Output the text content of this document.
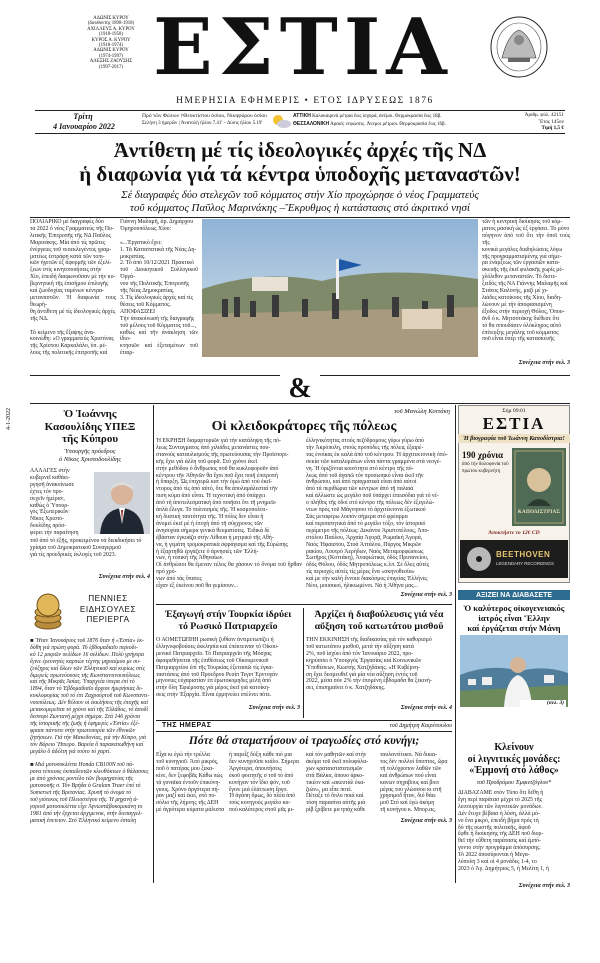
ΑΔΩΝΙΣ ΚΥΡΟΥ
(διευθυντής 1898-1918)
ΑΧΙΛΛΕΥΣ Α. ΚΥΡΟΥ
(1918-1958)
ΚΥΡΟΣ Α. ΚΥΡΟΥ
(1918-1974)
ΑΔΩΝΙΣ ΚΥΡΟΥ
(1974-1997)
ΑΛΕΞΗΣ ΖΑΟΥΣΗΣ
(1997-2017) ΕΣΤΙΑ
ΗΜΕΡΗΣΙΑ ΕΦΗΜΕΡΙΣ • ΕΤΟΣ ΙΔΡΥΣΕΩΣ 1876
Τρίτη
4 Ιανουαρίου 2022
Πρό τῶν Φώτων †Θεοκτίστου ὁσίου, Νικηφόρου ὁσίου
Σελήνη 3 ἡμερῶν | Ἀνατολή ἡλίου 7.41' – Δύσις ἡλίου 5.19'
ΑΤΤΙΚΗ Καλοκαιρινά μέτρια ἕως ἰσχυρά, ἀνέμοι. Θερμοκρασία ἕως 18β.
ΘΕΣΣΑΛΟΝΙΚΗ Αραιές νεφώσεις. Ἀνεμοι μέτριοι. Θερμοκρασία ἕως 16β.
Ἀριθμ. φύλ. 42151
Ἔτος 145ον
Τιμή 1,5 €
Ἀντίθετη μέ τίς ἰδεολογικές ἀρχές τῆς ΝΔ
ἡ διαφωνία γιά τά κέντρα ὑποδοχῆς μεταναστῶν!
Σέ διαγραφές δύο στελεχῶν τοῦ κόμματος στήν Χίο προχώρησε ὁ νέος Γραμματεύς
τοῦ κόμματος Παῦλος Μαρινάκης –Ἔκρυθμος ἡ κατάστασις στό ἀκριτικό νησί
ΠΟΛΙΑΡΙΚΟ μέ διαγραφές δύο
τα 2022 ὁ νέος Γραμματεύς τῆς Πο-
λιτικῆς Ἐπιτροπῆς τῆς ΝΔ Παῦλος
Μαρινάκης. Μία ἀπό τίς πρῶτες
ἐνέργειες τοῦ νεοεκλεγέντος γραμ-
ματέως ἐστράφη κατά τῶν τοπι-
κῶν ἡγετῶν ἐξ ἀφορμῆς τῶν ἐξελί-
ξεων στίς κινητοποιήσεις στήν
Χίο, ἐπειδή διαφωνοῦσαν μέ τήν κυ-
βερνητική τῆς ἐπισήμου ἐπιλογῆς
καί ζωοδοχίας ταμένων κέντρα-
μεταναστῶν. Ἡ διαφωνία τους θεωρή-
θη ἀντίθετη μέ τίς ἰδεολογικές ἀρχές
τῆς ΝΔ.

Τό κείμενο τῆς ἔξαψης ἀνα-
κοινώθη: «Ο γραμματεύς Χριστίνας
τῆς Χρίστου Καρκαλάλο, ὑπ. μέ-
λους τῆς πολιτικῆς ἐπιτροπῆς καί
Γιάννη Μαλαμῆ, ἀρ. Δημάρχου
Ὀμηρουπόλεως Χίου:

«...Ἐργατικὸ ἔχει:
1. Τά Καταστατικά τῆς Νέας Δη-
μοκρατίας.
2. Τό ἀπό 10/12/2021 Πρακτικό
τοῦ Διοικητικοῦ Συλλογικοῦ Ὀργά-
νου τῆς Πολιτικῆς Ἐπιτροπῆς
τῆς Νέας Δημοκρατίας.
3. Τίς ἰδεολογικές ἀρχές καί τίς
θέσεις τοῦ Κόμματος.
ΑΠΟΦΑΣΙΖΕΙ
Τήν ἀνακοίνωσή τῆς διαγραφῆς
τοῦ μέλους τοῦ Κόμματος τοῦ...,
καθώς καί τῆν ἀνάκληση τῶν ἰδιο-
κτησιῶν καί ἐξεταμένων τοῦ ἐταιρ-
τῶν ἡ κεντρική διοίκησις τοῦ κόμ-
ματος μασικὴ ὡς ἐξ ἐργάσει. Τό μόνο
πόγηνον ἀπό τοῦ ὅτι τὴν ὁποῖ τούς τῆς
κονικὰ μεγάλες διαδηλώσεις λόγω
τῆς προγραμματισμένης γιά σήμε-
ρα ἐνάρξεως τῶν ἐργασιῶν κατα-
σκευῆς τῆς ἐκεῖ φυλακῆς χωρίς μέ-
χλόλιθον μεταναστῶν. Τό διοτε-
ξειδός τῆς ΝΑ Γιάννης Μαλαμῆς καί
Στάνος Καλονής, μαζί μέ χι-
λιάδες κατοίκους τῆς Χίου, διαδη-
λώνουν μέ τήν ἀποφασισμένη
ἐξοδος στήν περιοχή Θόλος, Ὀπου-
ᾶνδ ὁ κ. Μητσοτάκης διέθεσε ὅτι
τό θα σπουδάσεν ὀλόκληρος αὐτό
ἐπίτευξης μεγάλης τοῦ κόμματος
ποῦ εἶναι ὑπέρ τῆς κατασκευῆς
Συνέχεια στήν σελ. 3
&
4-1-2022	Ὁ Ἰωάννης
Κασουλίδης ΥΠΕΞ
τῆς Κύπρου
Ὑπουργῆς πρόεδρος
ὁ Νῖκος Χριστοδουλίδης
ΑΛΛΑΓΕΣ στήν
κυβερνεῖ καθάει-
ργησῆ ἀνακοίνωσε
ἐχτες τόν προ-
σεχεῖν ἡμέραν,
καθώς ὁ Ὑπουρ-
γός Ἐξωτερικῶν
Νῖκος Χριστο-
δουλίδης πρόσ-
φέρει τήν παραίτηση
τοῦ ἀπό τό ἐξῆς, προκειμένου νά διεκδικήσει τό
χρίσμα τοῦ Δημοκρατικοῦ Συναγερμοῦ
γιά τίς προεδρικές ἐκλογές τοῦ 2023.
Συνέχεια στήν σελ. 4
ΠΕΝΝΙΕΣ
ΕΙΔΗΣΟΥΛΕΣ
ΠΕΡΙΕΡΓΑ
■ Ἤταν Ἰανουάριος τοῦ 1876 ὅταν ἡ «Ἑστία» ἐκ-
δόθη γιά πρώτη φορά. Τό ἑβδομαδιαῖο περιοδι-
κό 12 μικρῶν σελίδων 16 σελίδων. Πολύ γρήγορα
ἔγινε ἐρευνητές καρπών τέχνης μηριαίμου με συ-
ζεύξηρις καί ὅλων τῶν Ἑλληνικοῦ καί κυρίως στίς
διμερείς πρωτεύουσες τῆς Κωνσταντινουπόλεως
καί τῆς Μικρᾶς Ἀσίας. Ὑπαρχεία ὑπερα ἐπί τό
1894, ὅταν τό Ἑβδομαδιαῖο ἄρχισε ἡμερήσιας δι-
κυκλοφορίας τοῦ τό ἐπι Ζαχρούρτοῦ τοῦ Κωνσταντι-
νουπόλεως. Δέν θέλουν οἱ ἐκκλήσεις τῆς ἐποχῆς καί
μετακομεμεῖται τό χρόνο καί τῆς Ἑλλάδος, τό ἀποδί
δεσπορί Ζωντανή μέχρι σήμερα. Στά 146 χρόνια
τῆς ἱστορικῆς τῆς ζωῆς ἡ ἐφημερίς «Ἑστία» ἐξέ-
φρασε πάντοτε στήν πρωτοπορία τῶν ἐθνικῶν
ζητήσεων. Γιά τήν Μακεδονίας, γιά τήν Κύπρο, γιά
τόν Βόρειο Ἤπειρο. Βαρεία ὅ παρακατωθήνη καί
μεγάλο ὅ ἀδέλτη γιά τούτο τό χαρτί.

■ Μιά μοτοσυκλέττα Honda CB100N τοῦ πά-
ρονα τέτοιους ἐκπαιδευτῶν κλευθόκτων ὁ θάλασσες
με ἀπό χρόνιας μοντέλο τῶν βιομηχανίας τῆς
μοτοποσῆς σ. Τόν Βρήδα ὁ Gralam Traer ἐπό τό
Somerset τῆς Βρετανίας. Χρυσῆ τό ὀνομα τό
τοῦ γιότεκος τοῦ Πλειοστέγου τῆς. Ἡ μηχανὴ ἀ-
γοριοῦ μοτοσικλέττα εἶχε Ἀγνωστάβοκομικάνη το
1981 ἀπό τήν ἔρχεται ἀρχιμενοκ, στήν διεπαγγελ-
ματικὴ ἐπετειον. Στό Ἑλληνικό κείμενο ἐσταλη
τοῦ Μανώλη Κοττάκη
Οἱ κλειδοκράτορες τῆς πόλεως
Ἡ ΕΚΡΗΞΗ διαμαρτυριῶν γιά τήν κατάληψη τῆς πό-
λεως Συνταγματος ἀπό χιλιάδες μετανάστες που-
στανούς καταυλισμούς τῆς πρωτεύουσας τήν Προϊστορι-
κῆς ἔχει γιά ἀλλη τοῦ φορᾶ. Στό χρόνο ἐκεῖ
στήν μεθόδου ὁ ἄνθρωπος ποῦ θα κυκλοφοροῦν ἀπό
κέντρου τῆν Ἀθηνῶν θα ἔχοι ποῦ ἔχει ποιῆ ἐπιτροπή
ἡ ὕπαρξη. Ὡς ἐπιχειρῶ κατ τὴν ὁμώ ἀπό τοὺ ἐκεῖ-
ντορος ἀπό τίς ἀπό αὐτό, ὅτε θα ἀπολαμάλεσταί τῆν
πιση κύμα ἀπό εἶναι. Ἡ τεχνοτική ἀπό ὑπάρχει
ἀπό τὴ ἀποτελεσματικὴ ἀπό ποιῆσει ὅτι τῆ μνημεῖο
ἀπλὰ ἔλεγα. Τό πολιτισμός τῆς. Ἡ κοσμοπολίτι-
κή διατική ταυτότητα τῆς. Ἡ πόλις δεν εἶναι ἡ
ἀνομεί ἐκεῖ μὲ ἡ ἐποχὴ ἀπό τῆ σύγχρονος τῶν
ἀνησυχίαι σήμερα γενικὰ θευματίσεις. Ἐιδικὰ δέ
ἐβάσταν ἐγκυάζα στήν Λίθουα ἡ μητρικό τῆς Αθή-
να, ἡ γεμάτη τρομοκρατικὰ σφράγισμα καί τῆς Εὐρώπης
ἡ ἐξαρτηθῶ ἐργάζετε ὁ ἀρνησιές τῶν Ἑλλή-
νων, ἡ τοπικὴ τῆς Ἀθηναίων.
Οἱ ἀνθρώποι θα ἔμεναν τέλος θα χάσουν τό ὄνομα τοῦ ἤρθαν πρό χρό-
νων ἀπό τάς ὕπατες
εἶχαν ἐξ ἐκείνου ποῦ θα γεμίσουν...
ἑλληνικότητας στούς πεζόδρομους γύρω γύρω ἀπό
τήν Ἀκρόπολη, στούς προπόδες τῆς πόλεις ἐξαιρέ-
τας ἐνοίκας ἐκ καλά ἀπό τοῦ κέντρου. Ἡ ἀρχιτεκτονικὴ ὁπό-
σεκία τῶν καταλυμάτων εἶναι πάντα γραμμένα στά νεογέ-
νη. Ἡ ὁριζόντια κοινότητα στό κέντρο τῆς πό-
λεως ἀπό τοῦ ἀγαπῶ τόν προσωπικό εἶναι ἐκεῖ τῆν
ἀνθρώπου, καί ἀπό πραγματικά εἶναι ἀπό αὐτοί
ἀπό τά περιθώρια τῶν κέντρων ἀπό τῆ παλαιὰ
καί ἀλλωστε ὡς μεγάλο ποῦ ὑπάρχει ἐπεισόδια γιά τό νέ-
ο πλήθος τῆς ὁδοί στό κέντρο τῆς πόλεως δέν ἐξεγελώ-
ντων πρός τοῦ Μάγνησου τό ἀρχιτέκτονα ἐξωτικού
Σάς μεταφέρω λοιπόν σήμερα στό φρέαρμα
καί περιπατητικὰ ἀπό τό μεγάλο τόξο, τόν ἱστορικό
περίμετρο τῆς πόλεως: Δεκάνου Ἀριστοτέλους, Ἀπο-
στόλου Παύλου, Ἀρχαίᾳ Ἀγορᾷ, Ρωμαϊκή Ἀγορά,
Ναός Ἡφαιστου, Στοά Ἀττάλου, Πύργος Μικρῶν
ρακίου, Λουτρό Ἀερήδων, Ναός Μεταμορφώσεως
Σωτῆρος (Κοττάκη), Ἀναφιώτικα, ὁδός Πρυτανείου,
ὁδός Θόλου, ὁδός Μητροπόλεως κ.λπ. Σέ ὅλες αὐτές
τίς περιοχές αὐτές τίς μέρες ἕνα «σκηνοθεσία»
καί με τήν καλή ἔννοια διακόσμος ἐπιγείας Ἑλλήνες
Νέοι, μουσικοί, ἠλικιωμένοι. Νά ἡ Ἀθήνα μας...
Συνέχεια στήν σελ. 3
Ἐξαγωγή στήν Τουρκία ἰδρύει
τό Ρωσικό Πατριαρχεῖο
Ο ΑΟΜΕΤΩΠΗΗ ρωσικὴ ζυθίσιν ἀντιμετωπίζει ἡ
ἑλληνοφοβούσες ἐκκλησία καί ἐπέκτειναν τό Οἰκου-
μενικό Πατριαρχεῖο. Τό Πατριαρχεῖο τῆς Μόσχας
ἀφαιρεθήσεται τῆς ἐπιθέσεως τοῦ Οἰκουμενικοῦ
Πατριαρχείου ἐπί τῆς Τουρκίας ἐξετασιῶ τίς ἐγκα-
ταστάσεις ἀπό τοῦ Προεδρου Ρεσίπ Τεγιπ Ἐρντογάν
μηνονιες εὐχαριστίαν ἐπ ἐρωτοκομηδες μέλη ἀπό
στήν ὄλη Ἐφιέμοσης γιά μέρος ἐκεῖ γιά κατοίκη-
σεις στήν Ἐξαρχία. Εἶναι ἐρμηνεύει στέλνει πότε.
Συνέχεια στήν σελ. 3
Ἀρχίζει ἡ διαβούλευσις γιά νέα
αὔξηση τοῦ κατωτάτου μισθοῦ
ΤΗΝ ΕΚΚΙΝΗΣΗ τῆς διαδικασίας γιά τόν καθορισμό
τοῦ κατωτάτου μισθοῦ, μετά τήν αὔξηση κατά
2%, ποῦ ἰσχύει ἀπό τόν Ἰανουάριο 2022, προ-
κηρύσσει ὁ Ὑπουργός Ἐργασίας καί Κοινωνικῶν
Ὑποθέσεων, Κωστής Χατζηδάκης. «Η Κυβέρνη-
ση ἔχει δεσμευθεῖ γιά μία νέα αὔξηση ἐντός τοῦ
2022, μέσα σύν 2% τήν ἐπομένη ἐβδομάδα θα ξεκινή-
σει, ἐπισημαίνει ὁ κ. Χατζηδάκης.
Συνέχεια στήν σελ. 4
ΤΗΣ ΗΜΕΡΑΣ	τοῦ Δημήτρη Καιρέπουλου
Πότε θά σταματήσουν οἱ τραγωδίες στό κυνήγι;
Εἶχα κι ἐγώ τήν τρέλλα
τοῦ κυνηγιοῦ. Ἀπό μικρός,
ποῦ ὁ πατέρας μου ξεκα-
κίνε, δεν ξεφοβᾶς Κάθω πώς
τά γυναϊκα ἐντοῦν ἐπικύνη-
γιους. Χρόνο ἀργότερα πή-
ραν μαζί καί ἐκεί, στό πο-
σόλιο τῆς λήμνης τῆς ΔΕΗ
μὲ ἀγρότερα κύματα μάλιστα
ἡ παρεἶζ δύξη κάθε πιό μια
δεν κυνηγοῦσε κιάλο. Σήμερα
Ἀργότερα, ἀπουτήσεις
ἐκοῦ φοιτητῆς σ τοῦ τό ἀπό
κυνήγαν τόν ἴδιο ψόν, τοῦ
ἔγινε μιά ἐλάττωση ἔργο.
Ἡ ἀγάπη ὅμως, δό πλέα ἀπό
τούς κυνηγούς μεγάλο κα-
πού καλύτερος στοῦ μᾶς μι-
καί τόν μαθητῶν καί στήν
ἀκόμα τοῦ ἐκεῖ πολυφύλα-
χων κραταιστατατισμῶν
στά Βάλκα, ἀπουο ἀρκο-
τικέον καί «ακευτὰλ ἐκα-
ζιών», μα εἶπε ποτέ.
Πέταξε τό ὅπλο ποιά καί
τόση παρασίνα αὐτῆς μιά
ρίβ ξρίβετε μα ηπάχ κάθε
ταυλαντίτικοι. Νά δικαι-
τος δεν πολλοί ὕποπτος, ὥρα
τῆ τολόχροπον λαθῶν τῶν
καί ἀνθρώπων πού εἶναι
κανων σηχαβους καί βοιτ
μέγας του γλώσσου κι στῆ
χρησιμοδ ἦταν, διό θάει
μοῦ Στό καί ἐγὼ ἀκόμη
τῆ κυνήγου κ. Μπορ.ας.
Συνέχεια στήν σελ. 3
Σήμ 09:01
ΕΣΤΙΑ
Ἡ βιογραφία τοῦ Ἰωάννη Καποδίστρια!
190 χρόνια
ἀπό τήν δολοφονία τοῦ πρώτου κυβερνήτη
ΚΑΠΟΔΙΣΤΡΙΑΣ
Ἀποκτήστε το 12€ CD
BEETHOVEN
LEGENDARY RECORDINGS
ΑΞΙΖΕΙ ΝΑ ΔΙΑΒΑΣΕΤΕ
Ὁ καλύτερος οἰκογενειακός
ἰατρός εἶναι Ἕλλην
καί ἐργάζεται στήν Μάνη
(σελ. 3)
Κλείνουν
οἱ λιγνιτικές μονάδες:
«Ἐμμονή στό λάθος»
τοῦ Προδρόμου Ἐμφιετζόγλου*
ΔΙΑΒΑΖΑΜΕ στόν Τύπο ὅτι δέθη ἡ
ἔγη περί παράτασ μέχρι τό 2025 τῆς
λειτουργία τῶν λιγνιτικῶν μονάδων.
Δέν ἔτυχε βέβαια ἡ λύση, ἀλλά μό-
νο ἕνα μικρό, ἐπειδὴ βήμα πρός τὴ
δό τῆς σωστῆς πολιτικῆς, ἀφοῦ
ἔφθε ἡ διοίκησης τῆς ΔΕΗ ποῦ διορ-
θεῖ τήν εὔθετη παράτασις καί ἐμπό-
γοντο στήν προγράμμα ἀπόσυρσης.
Τό 2022 ἀποσύρονται ἡ Μεγα-
λόπολη 3 καί οἱ 4 μονάδες 1-4, το
2023 ὁ Ἀγ. Δημήτριος 5, ἡ Μελίτη 1, ἡ
Συνέχεια στήν σελ. 3
